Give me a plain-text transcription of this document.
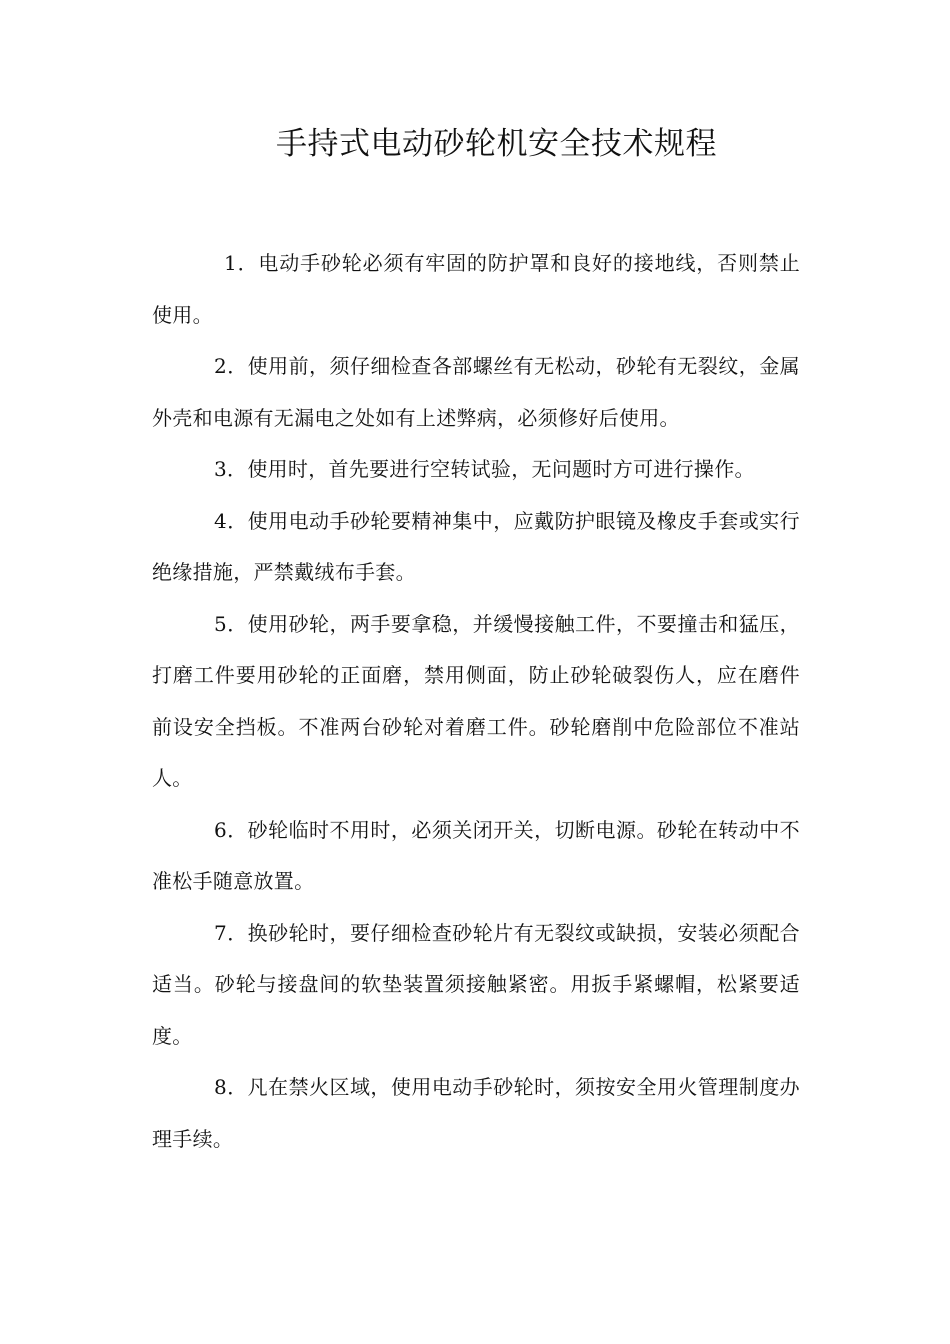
手持式电动砂轮机安全技术规程

1．电动手砂轮必须有牢固的防护罩和良好的接地线，否则禁止使用。

2．使用前，须仔细检查各部螺丝有无松动，砂轮有无裂纹，金属外壳和电源有无漏电之处如有上述弊病，必须修好后使用。

3．使用时，首先要进行空转试验，无问题时方可进行操作。

4．使用电动手砂轮要精神集中，应戴防护眼镜及橡皮手套或实行绝缘措施，严禁戴绒布手套。

5．使用砂轮，两手要拿稳，并缓慢接触工件，不要撞击和猛压，打磨工件要用砂轮的正面磨，禁用侧面，防止砂轮破裂伤人，应在磨件前设安全挡板。不准两台砂轮对着磨工件。砂轮磨削中危险部位不准站人。

6．砂轮临时不用时，必须关闭开关，切断电源。砂轮在转动中不准松手随意放置。

7．换砂轮时，要仔细检查砂轮片有无裂纹或缺损，安装必须配合适当。砂轮与接盘间的软垫装置须接触紧密。用扳手紧螺帽，松紧要适度。

8．凡在禁火区域，使用电动手砂轮时，须按安全用火管理制度办理手续。
